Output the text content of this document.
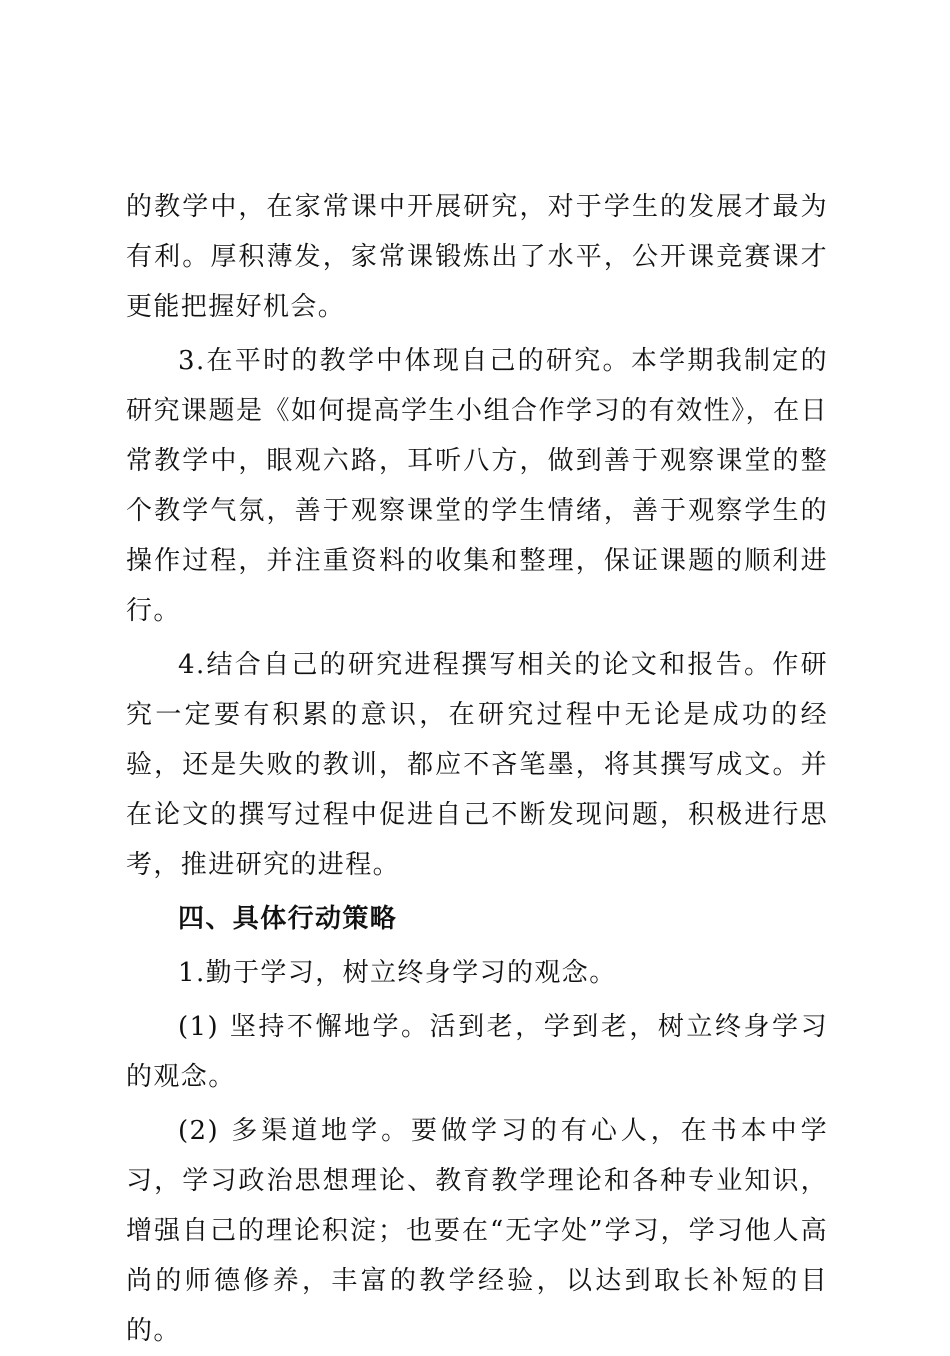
的教学中，在家常课中开展研究，对于学生的发展才最为有利。厚积薄发，家常课锻炼出了水平，公开课竞赛课才更能把握好机会。

3.在平时的教学中体现自己的研究。本学期我制定的研究课题是《如何提高学生小组合作学习的有效性》，在日常教学中，眼观六路，耳听八方，做到善于观察课堂的整个教学气氛，善于观察课堂的学生情绪，善于观察学生的操作过程，并注重资料的收集和整理，保证课题的顺利进行。

4.结合自己的研究进程撰写相关的论文和报告。作研究一定要有积累的意识，在研究过程中无论是成功的经验，还是失败的教训，都应不吝笔墨，将其撰写成文。并在论文的撰写过程中促进自己不断发现问题，积极进行思考，推进研究的进程。

四、具体行动策略

1.勤于学习，树立终身学习的观念。

(1) 坚持不懈地学。活到老，学到老，树立终身学习的观念。

(2) 多渠道地学。要做学习的有心人，在书本中学习，学习政治思想理论、教育教学理论和各种专业知识，增强自己的理论积淀；也要在“无字处”学习，学习他人高尚的师德修养，丰富的教学经验，以达到取长补短的目的。
